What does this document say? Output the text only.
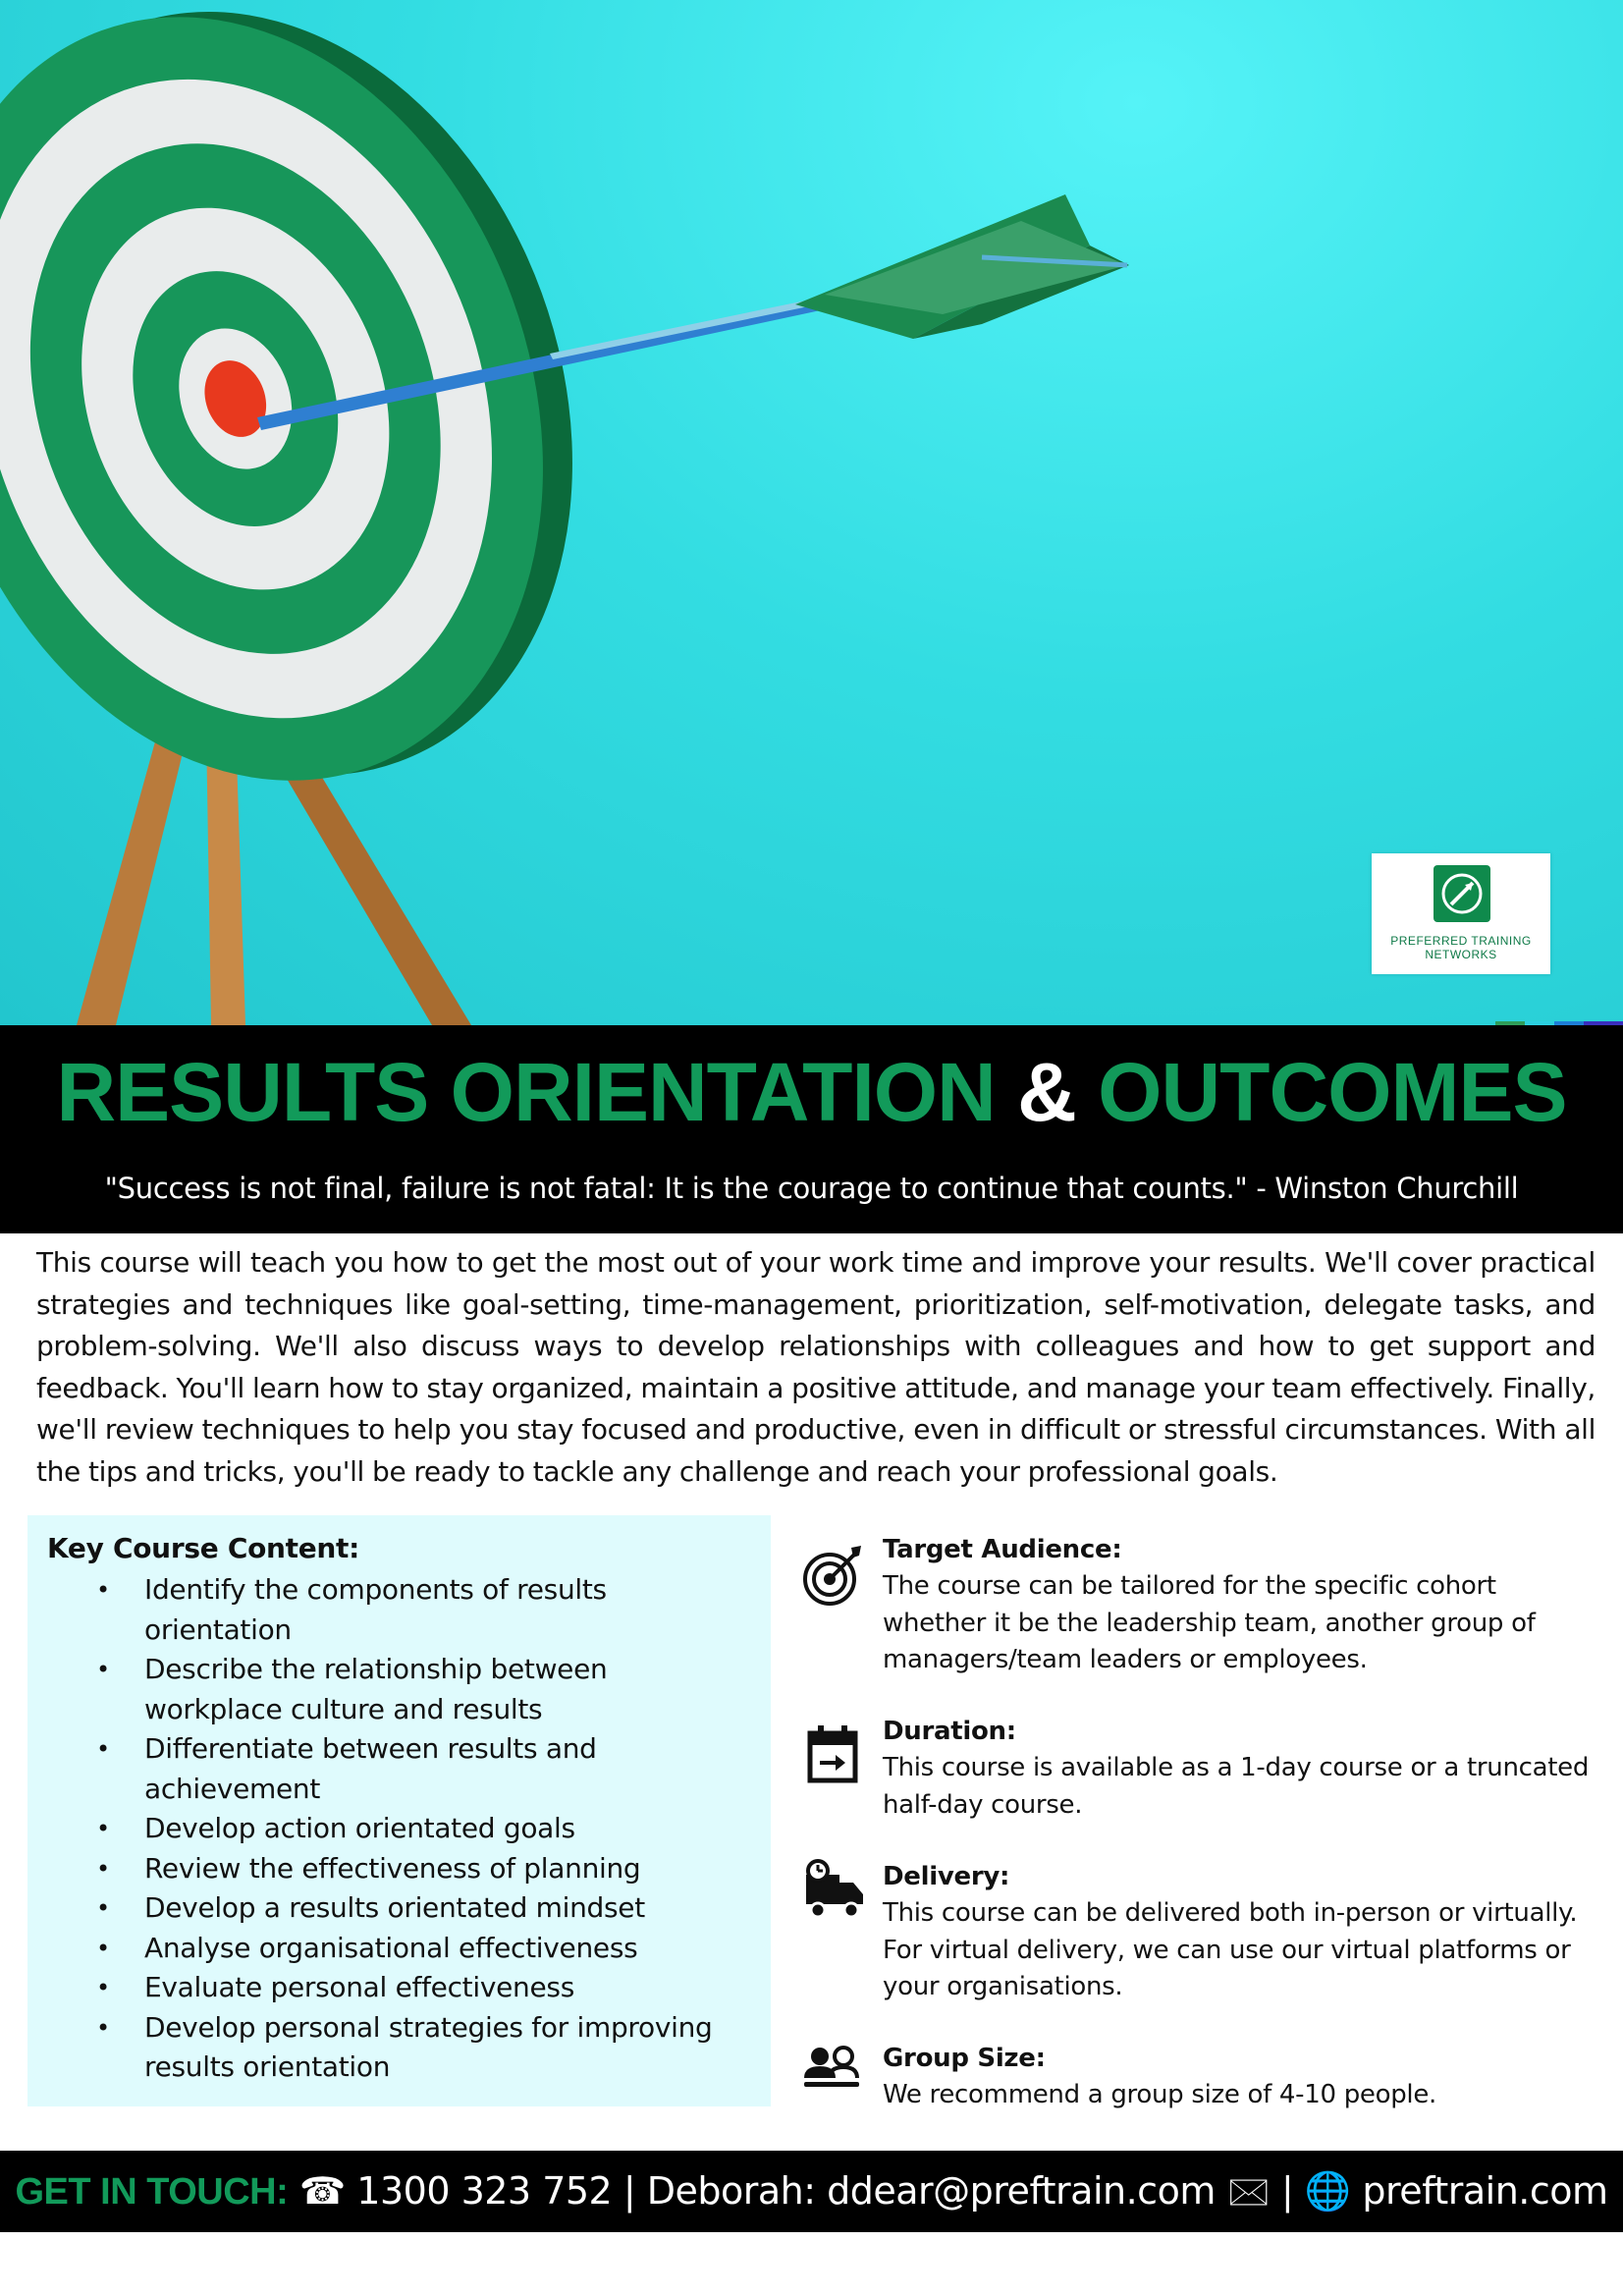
PREFERRED TRAINING NETWORKS
RESULTS ORIENTATION & OUTCOMES
"Success is not final, failure is not fatal: It is the courage to continue that counts." - Winston Churchill
This course will teach you how to get the most out of your work time and improve your results. We'll cover practical strategies and techniques like goal-setting, time-management, prioritization, self-motivation, delegate tasks, and problem-solving. We'll also discuss ways to develop relationships with colleagues and how to get support and feedback. You'll learn how to stay organized, maintain a positive attitude, and manage your team effectively. Finally, we'll review techniques to help you stay focused and productive, even in difficult or stressful circumstances. With all the tips and tricks, you'll be ready to tackle any challenge and reach your professional goals.
Key Course Content:
• Identify the components of results orientation
• Describe the relationship between workplace culture and results
• Differentiate between results and achievement
• Develop action orientated goals
• Review the effectiveness of planning
• Develop a results orientated mindset
• Analyse organisational effectiveness
• Evaluate personal effectiveness
• Develop personal strategies for improving results orientation
Target Audience:
The course can be tailored for the specific cohort whether it be the leadership team, another group of managers/team leaders or employees.
Duration:
This course is available as a 1-day course or a truncated half-day course.
Delivery:
This course can be delivered both in-person or virtually. For virtual delivery, we can use our virtual platforms or your organisations.
Group Size:
We recommend a group size of 4-10 people.
GET IN TOUCH: ☎ 1300 323 752 | Deborah: ddear@preftrain.com 🖂 | 🌐 preftrain.com
